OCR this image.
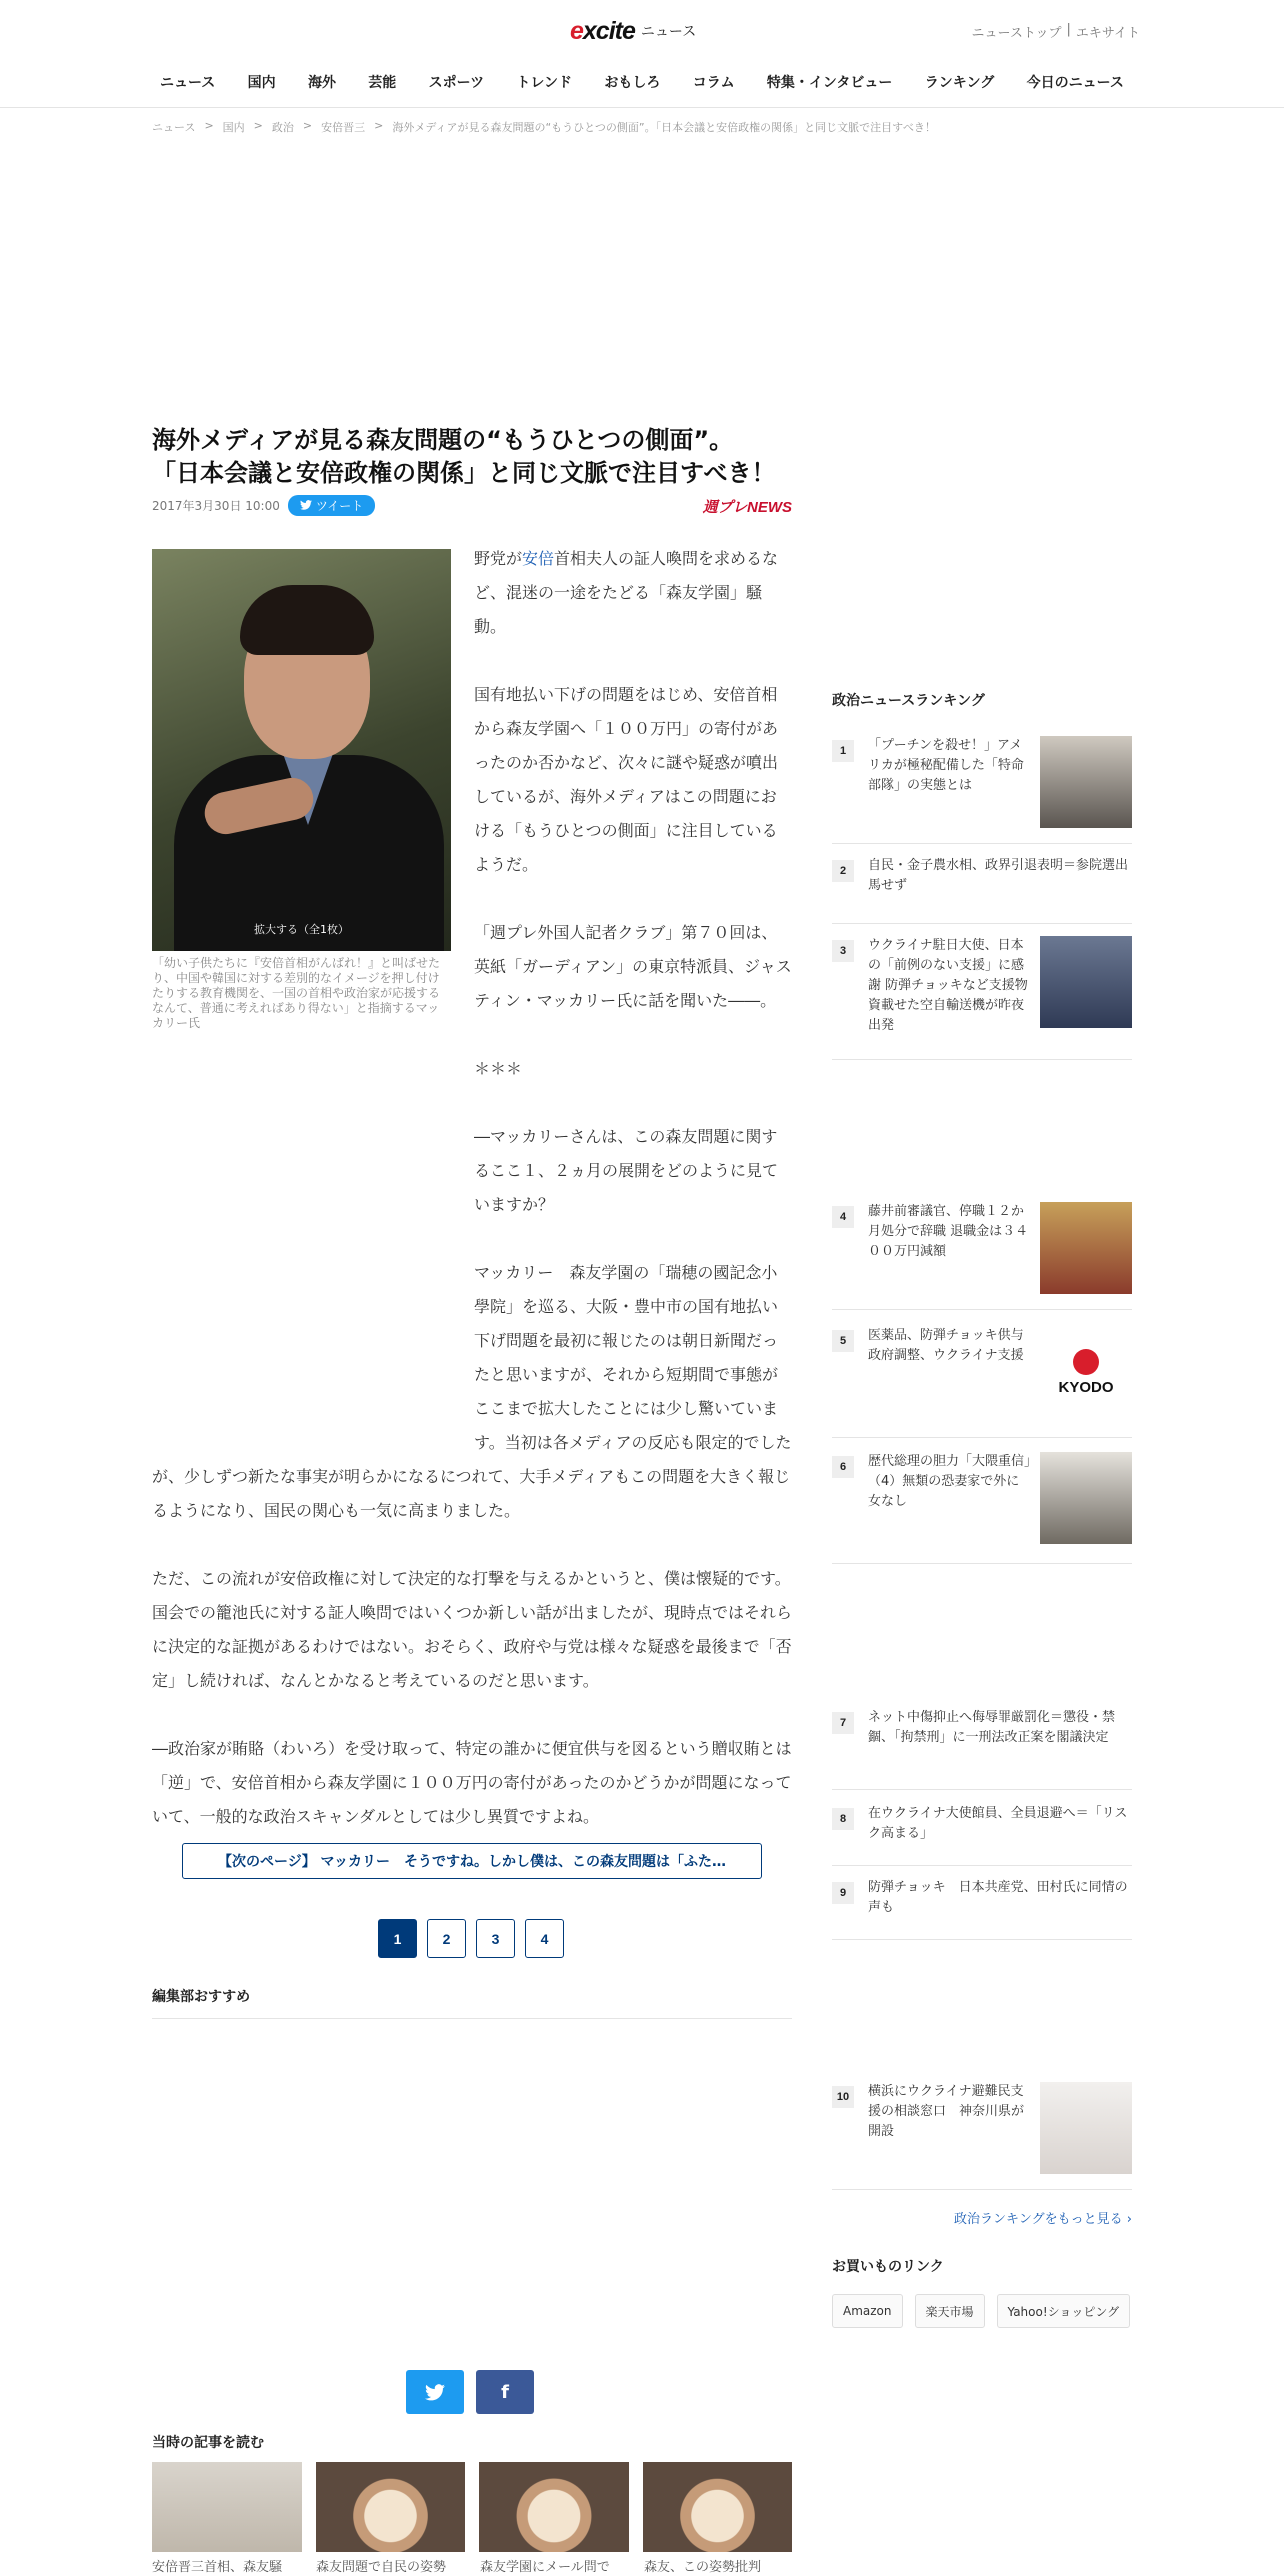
excite ニュース	ニューストップ | エキサイト
ニュース	国内	海外	芸能	スポーツ	トレンド	おもしろ	コラム	特集・インタビュー	ランキング	今日のニュース
ニュース > 国内 > 政治 > 安倍晋三 > 海外メディアが見る森友問題の“もうひとつの側面”。「日本会議と安倍政権の関係」と同じ文脈で注目すべき！
海外メディアが見る森友問題の“もうひとつの側面”。
「日本会議と安倍政権の関係」と同じ文脈で注目すべき！
2017年3月30日 10:00	ツイート	週プレNEWS
拡大する（全1枚）
「幼い子供たちに『安倍首相がんばれ！』と叫ばせたり、中国や韓国に対する差別的なイメージを押し付けたりする教育機関を、一国の首相や政治家が応援するなんて、普通に考えればあり得ない」と指摘するマッカリー氏

野党が安倍首相夫人の証人喚問を求めるなど、混迷の一途をたどる「森友学園」騒動。

国有地払い下げの問題をはじめ、安倍首相から森友学園へ「１００万円」の寄付があったのか否かなど、次々に謎や疑惑が噴出しているが、海外メディアはこの問題における「もうひとつの側面」に注目しているようだ。

「週プレ外国人記者クラブ」第７０回は、英紙「ガーディアン」の東京特派員、ジャスティン・マッカリー氏に話を聞いた――。

＊＊＊

―マッカリーさんは、この森友問題に関するここ１、２ヵ月の展開をどのように見ていますか？

マッカリー　森友学園の「瑞穂の國記念小學院」を巡る、大阪・豊中市の国有地払い下げ問題を最初に報じたのは朝日新聞だったと思いますが、それから短期間で事態がここまで拡大したことには少し驚いています。当初は各メディアの反応も限定的でしたが、少しずつ新たな事実が明らかになるにつれて、大手メディアもこの問題を大きく報じるようになり、国民の関心も一気に高まりました。

ただ、この流れが安倍政権に対して決定的な打撃を与えるかというと、僕は懐疑的です。国会での籠池氏に対する証人喚問ではいくつか新しい話が出ましたが、現時点ではそれらに決定的な証拠があるわけではない。おそらく、政府や与党は様々な疑惑を最後まで「否定」し続ければ、なんとかなると考えているのだと思います。

―政治家が賄賂（わいろ）を受け取って、特定の誰かに便宜供与を図るという贈収賄とは「逆」で、安倍首相から森友学園に１００万円の寄付があったのかどうかが問題になっていて、一般的な政治スキャンダルとしては少し異質ですよね。

【次のページ】 マッカリー　そうですね。しかし僕は、この森友問題は「ふた…
1	2	3	4
編集部おすすめ
f
当時の記事を読む
安倍晋三首相、森友騒	森友問題で自民の姿勢	森友学園にメール問で	森友、この姿勢批判
政治ニュースランキング
1	「プーチンを殺せ！」アメリカが極秘配備した「特命部隊」の実態とは
2	自民・金子農水相、政界引退表明＝参院選出馬せず
3	ウクライナ駐日大使、日本の「前例のない支援」に感謝 防弾チョッキなど支援物資載せた空自輸送機が昨夜出発
4	藤井前審議官、停職１２か月処分で辞職 退職金は３４００万円減額
5	医薬品、防弾チョッキ供与　政府調整、ウクライナ支援
KYODO
6	歴代総理の胆力「大隈重信」（4）無類の恐妻家で外に女なし
7	ネット中傷抑止へ侮辱罪厳罰化＝懲役・禁錮、「拘禁刑」に一刑法改正案を閣議決定
8	在ウクライナ大使館員、全員退避へ＝「リスク高まる」
9	防弾チョッキ　日本共産党、田村氏に同情の声も
10	横浜にウクライナ避難民支援の相談窓口　神奈川県が開設
政治ランキングをもっと見る ›
お買いものリンク
Amazon	楽天市場	Yahoo!ショッピング
